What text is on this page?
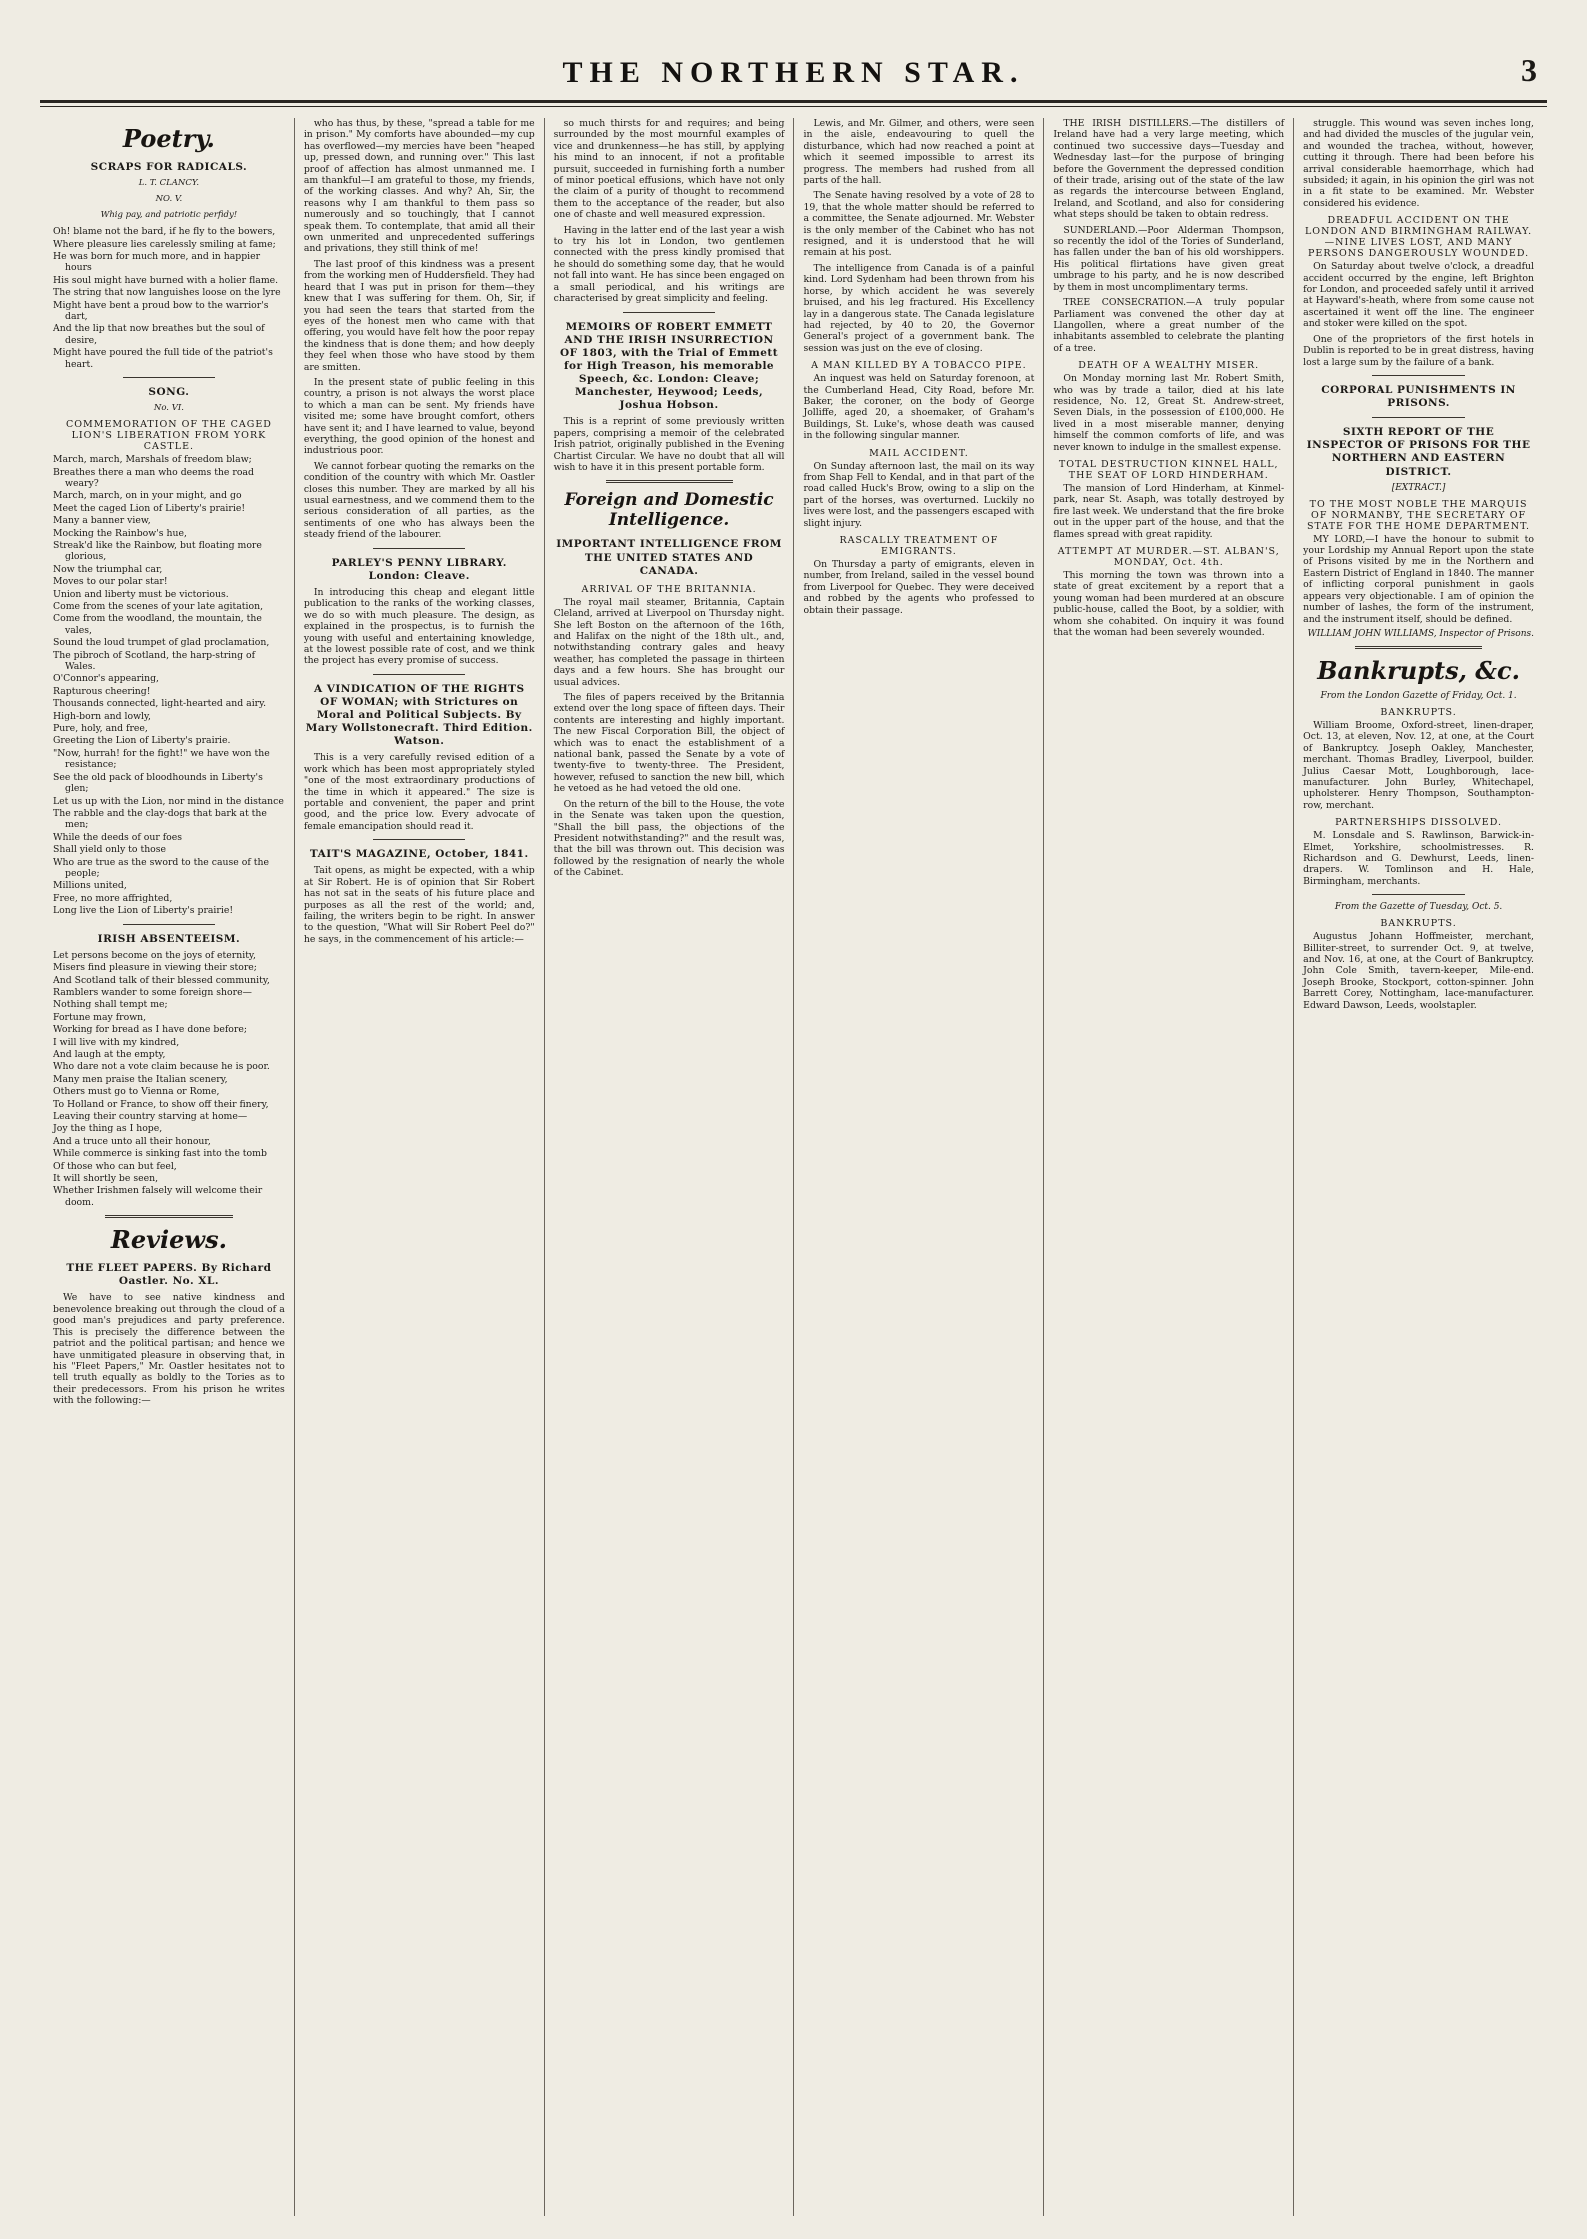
THE NORTHERN STAR.	3
Poetry.
SCRAPS FOR RADICALS.
L. T. CLANCY.
NO. V.
Whig pay, and patriotic perfidy!

Oh! blame not the bard, if he fly to the bowers,

Where pleasure lies carelessly smiling at fame;

He was born for much more, and in happier hours

His soul might have burned with a holier flame.

The string that now languishes loose on the lyre

Might have bent a proud bow to the warrior's dart,

And the lip that now breathes but the soul of desire,

Might have poured the full tide of the patriot's heart.

SONG.
No. VI.
COMMEMORATION OF THE CAGED LION'S LIBERATION FROM YORK CASTLE.

March, march, Marshals of freedom blaw;

Breathes there a man who deems the road weary?

March, march, on in your might, and go

Meet the caged Lion of Liberty's prairie!

Many a banner view,

Mocking the Rainbow's hue,

Streak'd like the Rainbow, but floating more glorious,

Now the triumphal car,

Moves to our polar star!

Union and liberty must be victorious.

Come from the scenes of your late agitation,

Come from the woodland, the mountain, the vales,

Sound the loud trumpet of glad proclamation,

The pibroch of Scotland, the harp-string of Wales.

O'Connor's appearing,

Rapturous cheering!

Thousands connected, light-hearted and airy.

High-born and lowly,

Pure, holy, and free,

Greeting the Lion of Liberty's prairie.

"Now, hurrah! for the fight!" we have won the resistance;

See the old pack of bloodhounds in Liberty's glen;

Let us up with the Lion, nor mind in the distance

The rabble and the clay-dogs that bark at the men;

While the deeds of our foes

Shall yield only to those

Who are true as the sword to the cause of the people;

Millions united,

Free, no more affrighted,

Long live the Lion of Liberty's prairie!

IRISH ABSENTEEISM.

Let persons become on the joys of eternity,

Misers find pleasure in viewing their store;

And Scotland talk of their blessed community,

Ramblers wander to some foreign shore—

Nothing shall tempt me;

Fortune may frown,

Working for bread as I have done before;

I will live with my kindred,

And laugh at the empty,

Who dare not a vote claim because he is poor.

Many men praise the Italian scenery,

Others must go to Vienna or Rome,

To Holland or France, to show off their finery,

Leaving their country starving at home—

Joy the thing as I hope,

And a truce unto all their honour,

While commerce is sinking fast into the tomb

Of those who can but feel,

It will shortly be seen,

Whether Irishmen falsely will welcome their doom.

Reviews.
THE FLEET PAPERS. By Richard Oastler. No. XL.

We have to see native kindness and benevolence breaking out through the cloud of a good man's prejudices and party preference. This is precisely the difference between the patriot and the political partisan; and hence we have unmitigated pleasure in observing that, in his "Fleet Papers," Mr. Oastler hesitates not to tell truth equally as boldly to the Tories as to their predecessors. From his prison he writes with the following:—

who has thus, by these, "spread a table for me in prison." My comforts have abounded—my cup has overflowed—my mercies have been "heaped up, pressed down, and running over." This last proof of affection has almost unmanned me. I am thankful—I am grateful to those, my friends, of the working classes. And why? Ah, Sir, the reasons why I am thankful to them pass so numerously and so touchingly, that I cannot speak them. To contemplate, that amid all their own unmerited and unprecedented sufferings and privations, they still think of me!

The last proof of this kindness was a present from the working men of Huddersfield. They had heard that I was put in prison for them—they knew that I was suffering for them. Oh, Sir, if you had seen the tears that started from the eyes of the honest men who came with that offering, you would have felt how the poor repay the kindness that is done them; and how deeply they feel when those who have stood by them are smitten.

In the present state of public feeling in this country, a prison is not always the worst place to which a man can be sent. My friends have visited me; some have brought comfort, others have sent it; and I have learned to value, beyond everything, the good opinion of the honest and industrious poor.

We cannot forbear quoting the remarks on the condition of the country with which Mr. Oastler closes this number. They are marked by all his usual earnestness, and we commend them to the serious consideration of all parties, as the sentiments of one who has always been the steady friend of the labourer.

PARLEY'S PENNY LIBRARY. London: Cleave.

In introducing this cheap and elegant little publication to the ranks of the working classes, we do so with much pleasure. The design, as explained in the prospectus, is to furnish the young with useful and entertaining knowledge, at the lowest possible rate of cost, and we think the project has every promise of success.

A VINDICATION OF THE RIGHTS OF WOMAN; with Strictures on Moral and Political Subjects. By Mary Wollstonecraft. Third Edition. Watson.

This is a very carefully revised edition of a work which has been most appropriately styled "one of the most extraordinary productions of the time in which it appeared." The size is portable and convenient, the paper and print good, and the price low. Every advocate of female emancipation should read it.

TAIT'S MAGAZINE, October, 1841.

Tait opens, as might be expected, with a whip at Sir Robert. He is of opinion that Sir Robert has not sat in the seats of his future place and purposes as all the rest of the world; and, failing, the writers begin to be right. In answer to the question, "What will Sir Robert Peel do?" he says, in the commencement of his article:—

so much thirsts for and requires; and being surrounded by the most mournful examples of vice and drunkenness—he has still, by applying his mind to an innocent, if not a profitable pursuit, succeeded in furnishing forth a number of minor poetical effusions, which have not only the claim of a purity of thought to recommend them to the acceptance of the reader, but also one of chaste and well measured expression.

Having in the latter end of the last year a wish to try his lot in London, two gentlemen connected with the press kindly promised that he should do something some day, that he would not fall into want. He has since been engaged on a small periodical, and his writings are characterised by great simplicity and feeling.

MEMOIRS OF ROBERT EMMETT AND THE IRISH INSURRECTION OF 1803, with the Trial of Emmett for High Treason, his memorable Speech, &c. London: Cleave; Manchester, Heywood; Leeds, Joshua Hobson.

This is a reprint of some previously written papers, comprising a memoir of the celebrated Irish patriot, originally published in the Evening Chartist Circular. We have no doubt that all will wish to have it in this present portable form.

Foreign and Domestic Intelligence.
IMPORTANT INTELLIGENCE FROM THE UNITED STATES AND CANADA.
ARRIVAL OF THE BRITANNIA.

The royal mail steamer, Britannia, Captain Cleland, arrived at Liverpool on Thursday night. She left Boston on the afternoon of the 16th, and Halifax on the night of the 18th ult., and, notwithstanding contrary gales and heavy weather, has completed the passage in thirteen days and a few hours. She has brought our usual advices.

The files of papers received by the Britannia extend over the long space of fifteen days. Their contents are interesting and highly important. The new Fiscal Corporation Bill, the object of which was to enact the establishment of a national bank, passed the Senate by a vote of twenty-five to twenty-three. The President, however, refused to sanction the new bill, which he vetoed as he had vetoed the old one.

On the return of the bill to the House, the vote in the Senate was taken upon the question, "Shall the bill pass, the objections of the President notwithstanding?" and the result was, that the bill was thrown out. This decision was followed by the resignation of nearly the whole of the Cabinet.

Lewis, and Mr. Gilmer, and others, were seen in the aisle, endeavouring to quell the disturbance, which had now reached a point at which it seemed impossible to arrest its progress. The members had rushed from all parts of the hall.

The Senate having resolved by a vote of 28 to 19, that the whole matter should be referred to a committee, the Senate adjourned. Mr. Webster is the only member of the Cabinet who has not resigned, and it is understood that he will remain at his post.

The intelligence from Canada is of a painful kind. Lord Sydenham had been thrown from his horse, by which accident he was severely bruised, and his leg fractured. His Excellency lay in a dangerous state. The Canada legislature had rejected, by 40 to 20, the Governor General's project of a government bank. The session was just on the eve of closing.

A MAN KILLED BY A TOBACCO PIPE.

An inquest was held on Saturday forenoon, at the Cumberland Head, City Road, before Mr. Baker, the coroner, on the body of George Jolliffe, aged 20, a shoemaker, of Graham's Buildings, St. Luke's, whose death was caused in the following singular manner.

MAIL ACCIDENT.

On Sunday afternoon last, the mail on its way from Shap Fell to Kendal, and in that part of the road called Huck's Brow, owing to a slip on the part of the horses, was overturned. Luckily no lives were lost, and the passengers escaped with slight injury.

RASCALLY TREATMENT OF EMIGRANTS.

On Thursday a party of emigrants, eleven in number, from Ireland, sailed in the vessel bound from Liverpool for Quebec. They were deceived and robbed by the agents who professed to obtain their passage.

THE IRISH DISTILLERS.—The distillers of Ireland have had a very large meeting, which continued two successive days—Tuesday and Wednesday last—for the purpose of bringing before the Government the depressed condition of their trade, arising out of the state of the law as regards the intercourse between England, Ireland, and Scotland, and also for considering what steps should be taken to obtain redress.

SUNDERLAND.—Poor Alderman Thompson, so recently the idol of the Tories of Sunderland, has fallen under the ban of his old worshippers. His political flirtations have given great umbrage to his party, and he is now described by them in most uncomplimentary terms.

TREE CONSECRATION.—A truly popular Parliament was convened the other day at Llangollen, where a great number of the inhabitants assembled to celebrate the planting of a tree.

DEATH OF A WEALTHY MISER.

On Monday morning last Mr. Robert Smith, who was by trade a tailor, died at his late residence, No. 12, Great St. Andrew-street, Seven Dials, in the possession of £100,000. He lived in a most miserable manner, denying himself the common comforts of life, and was never known to indulge in the smallest expense.

TOTAL DESTRUCTION KINNEL HALL, THE SEAT OF LORD HINDERHAM.

The mansion of Lord Hinderham, at Kinmel-park, near St. Asaph, was totally destroyed by fire last week. We understand that the fire broke out in the upper part of the house, and that the flames spread with great rapidity.

ATTEMPT AT MURDER.—ST. ALBAN'S, MONDAY, Oct. 4th.

This morning the town was thrown into a state of great excitement by a report that a young woman had been murdered at an obscure public-house, called the Boot, by a soldier, with whom she cohabited. On inquiry it was found that the woman had been severely wounded.

struggle. This wound was seven inches long, and had divided the muscles of the jugular vein, and wounded the trachea, without, however, cutting it through. There had been before his arrival considerable haemorrhage, which had subsided; it again, in his opinion the girl was not in a fit state to be examined. Mr. Webster considered his evidence.

DREADFUL ACCIDENT ON THE LONDON AND BIRMINGHAM RAILWAY.—NINE LIVES LOST, AND MANY PERSONS DANGEROUSLY WOUNDED.

On Saturday about twelve o'clock, a dreadful accident occurred by the engine, left Brighton for London, and proceeded safely until it arrived at Hayward's-heath, where from some cause not ascertained it went off the line. The engineer and stoker were killed on the spot.

One of the proprietors of the first hotels in Dublin is reported to be in great distress, having lost a large sum by the failure of a bank.

CORPORAL PUNISHMENTS IN PRISONS.
SIXTH REPORT OF THE INSPECTOR OF PRISONS FOR THE NORTHERN AND EASTERN DISTRICT.
[EXTRACT.]
TO THE MOST NOBLE THE MARQUIS OF NORMANBY, THE SECRETARY OF STATE FOR THE HOME DEPARTMENT.

MY LORD,—I have the honour to submit to your Lordship my Annual Report upon the state of Prisons visited by me in the Northern and Eastern District of England in 1840. The manner of inflicting corporal punishment in gaols appears very objectionable. I am of opinion the number of lashes, the form of the instrument, and the instrument itself, should be defined.

WILLIAM JOHN WILLIAMS, Inspector of Prisons.
Bankrupts, &c.
From the London Gazette of Friday, Oct. 1.
BANKRUPTS.

William Broome, Oxford-street, linen-draper, Oct. 13, at eleven, Nov. 12, at one, at the Court of Bankruptcy. Joseph Oakley, Manchester, merchant. Thomas Bradley, Liverpool, builder. Julius Caesar Mott, Loughborough, lace-manufacturer. John Burley, Whitechapel, upholsterer. Henry Thompson, Southampton-row, merchant.

PARTNERSHIPS DISSOLVED.

M. Lonsdale and S. Rawlinson, Barwick-in-Elmet, Yorkshire, schoolmistresses. R. Richardson and G. Dewhurst, Leeds, linen-drapers. W. Tomlinson and H. Hale, Birmingham, merchants.

From the Gazette of Tuesday, Oct. 5.
BANKRUPTS.

Augustus Johann Hoffmeister, merchant, Billiter-street, to surrender Oct. 9, at twelve, and Nov. 16, at one, at the Court of Bankruptcy. John Cole Smith, tavern-keeper, Mile-end. Joseph Brooke, Stockport, cotton-spinner. John Barrett Corey, Nottingham, lace-manufacturer. Edward Dawson, Leeds, woolstapler.
